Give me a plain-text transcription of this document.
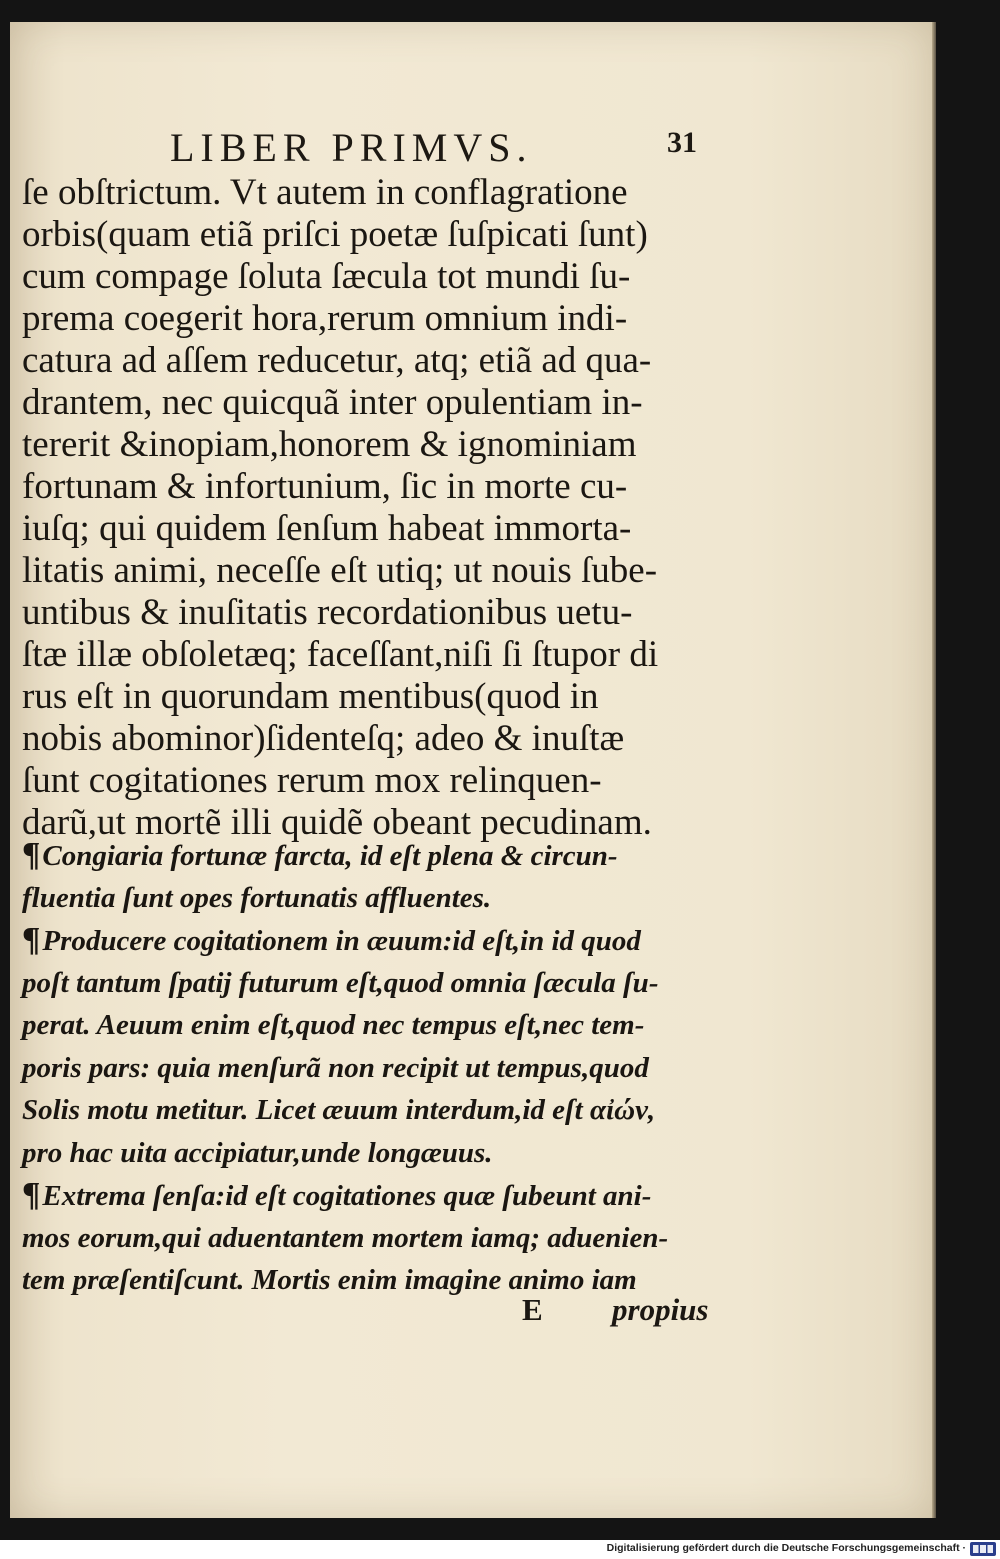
LIBER PRIMVS.	31
ſe obſtrictum. Vt autem in conflagratione
orbis(quam etiã priſci poetæ ſuſpicati ſunt)
cum compage ſoluta ſæcula tot mundi ſu-
prema coegerit hora,rerum omnium indi-
catura ad aſſem reducetur, atq; etiã ad qua-
drantem, nec quicquã inter opulentiam in-
tererit &inopiam,honorem & ignominiam
fortunam & infortunium, ſic in morte cu-
iuſq; qui quidem ſenſum habeat immorta-
litatis animi, neceſſe eſt utiq; ut nouis ſube-
untibus & inuſitatis recordationibus uetu-
ſtæ illæ obſoletæq; faceſſant,niſi ſi ſtupor di
rus eſt in quorundam mentibus(quod in
nobis abominor)ſidenteſq; adeo & inuſtæ
ſunt cogitationes rerum mox relinquen-
darũ,ut mortẽ illi quidẽ obeant pecudinam.
¶Congiaria fortunæ farcta, id eſt plena & circun-
fluentia ſunt opes fortunatis affluentes.
¶Producere cogitationem in æuum:id eſt,in id quod
poſt tantum ſpatij futurum eſt,quod omnia ſæcula ſu-
perat. Aeuum enim eſt,quod nec tempus eſt,nec tem-
poris pars: quia menſurã non recipit ut tempus,quod
Solis motu metitur. Licet æuum interdum,id eſt αἰών,
pro hac uita accipiatur,unde longæuus.
¶Extrema ſenſa:id eſt cogitationes quæ ſubeunt ani-
mos eorum,qui aduentantem mortem iamq; aduenien-
tem præſentiſcunt. Mortis enim imagine animo iam
E propius
Digitalisierung gefördert durch die Deutsche Forschungsgemeinschaft ·
